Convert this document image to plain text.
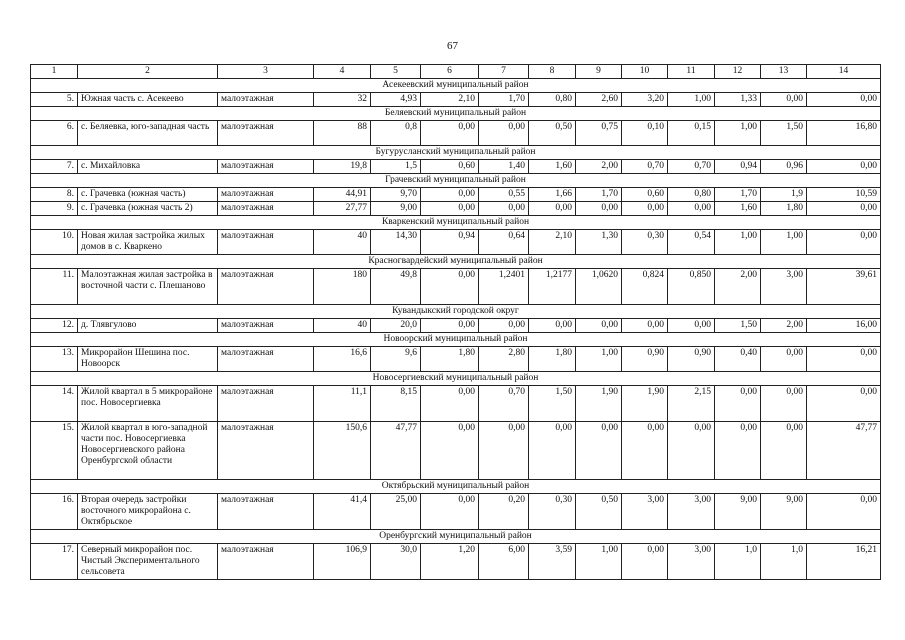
67
1	2	3	4	5	6	7	8	9	10	11	12	13	14
Асекеевский муниципальный район													
5.	Южная часть с. Асекеево	малоэтажная	32	4,93	2,10	1,70	0,80	2,60	3,20	1,00	1,33	0,00	0,00
Беляевский муниципальный район													
6.	с. Беляевка, юго-западная часть	малоэтажная	88	0,8	0,00	0,00	0,50	0,75	0,10	0,15	1,00	1,50	16,80
Бугурусланский муниципальный район													
7.	с. Михайловка	малоэтажная	19,8	1,5	0,60	1,40	1,60	2,00	0,70	0,70	0,94	0,96	0,00
Грачевский муниципальный район													
8.	с. Грачевка (южная часть)	малоэтажная	44,91	9,70	0,00	0,55	1,66	1,70	0,60	0,80	1,70	1,9	10,59
9.	с. Грачевка (южная часть 2)	малоэтажная	27,77	9,00	0,00	0,00	0,00	0,00	0,00	0,00	1,60	1,80	0,00
Кваркенский муниципальный район													
10.	Новая жилая застройка жилых домов в с. Кваркено	малоэтажная	40	14,30	0,94	0,64	2,10	1,30	0,30	0,54	1,00	1,00	0,00
Красногвардейский муниципальный район													
11.	Малоэтажная жилая застройка в восточной части с. Плешаново	малоэтажная	180	49,8	0,00	1,2401	1,2177	1,0620	0,824	0,850	2,00	3,00	39,61
Кувандыкский городской округ													
12.	д. Тлявгулово	малоэтажная	40	20,0	0,00	0,00	0,00	0,00	0,00	0,00	1,50	2,00	16,00
Новоорский муниципальный район													
13.	Микрорайон Шешина пос. Новоорск	малоэтажная	16,6	9,6	1,80	2,80	1,80	1,00	0,90	0,90	0,40	0,00	0,00
Новосергиевский муниципальный район													
14.	Жилой квартал в 5 микрорайоне пос. Новосергиевка	малоэтажная	11,1	8,15	0,00	0,70	1,50	1,90	1,90	2,15	0,00	0,00	0,00
15.	Жилой квартал в юго-западной части пос. Новосергиевка Новосергиевского района Оренбургской области	малоэтажная	150,6	47,77	0,00	0,00	0,00	0,00	0,00	0,00	0,00	0,00	47,77
Октябрьский муниципальный район													
16.	Вторая очередь застройки восточного микрорайона с. Октябрьское	малоэтажная	41,4	25,00	0,00	0,20	0,30	0,50	3,00	3,00	9,00	9,00	0,00
Оренбургский муниципальный район													
17.	Северный микрорайон пос. Чистый Экспериментального сельсовета	малоэтажная	106,9	30,0	1,20	6,00	3,59	1,00	0,00	3,00	1,0	1,0	16,21
